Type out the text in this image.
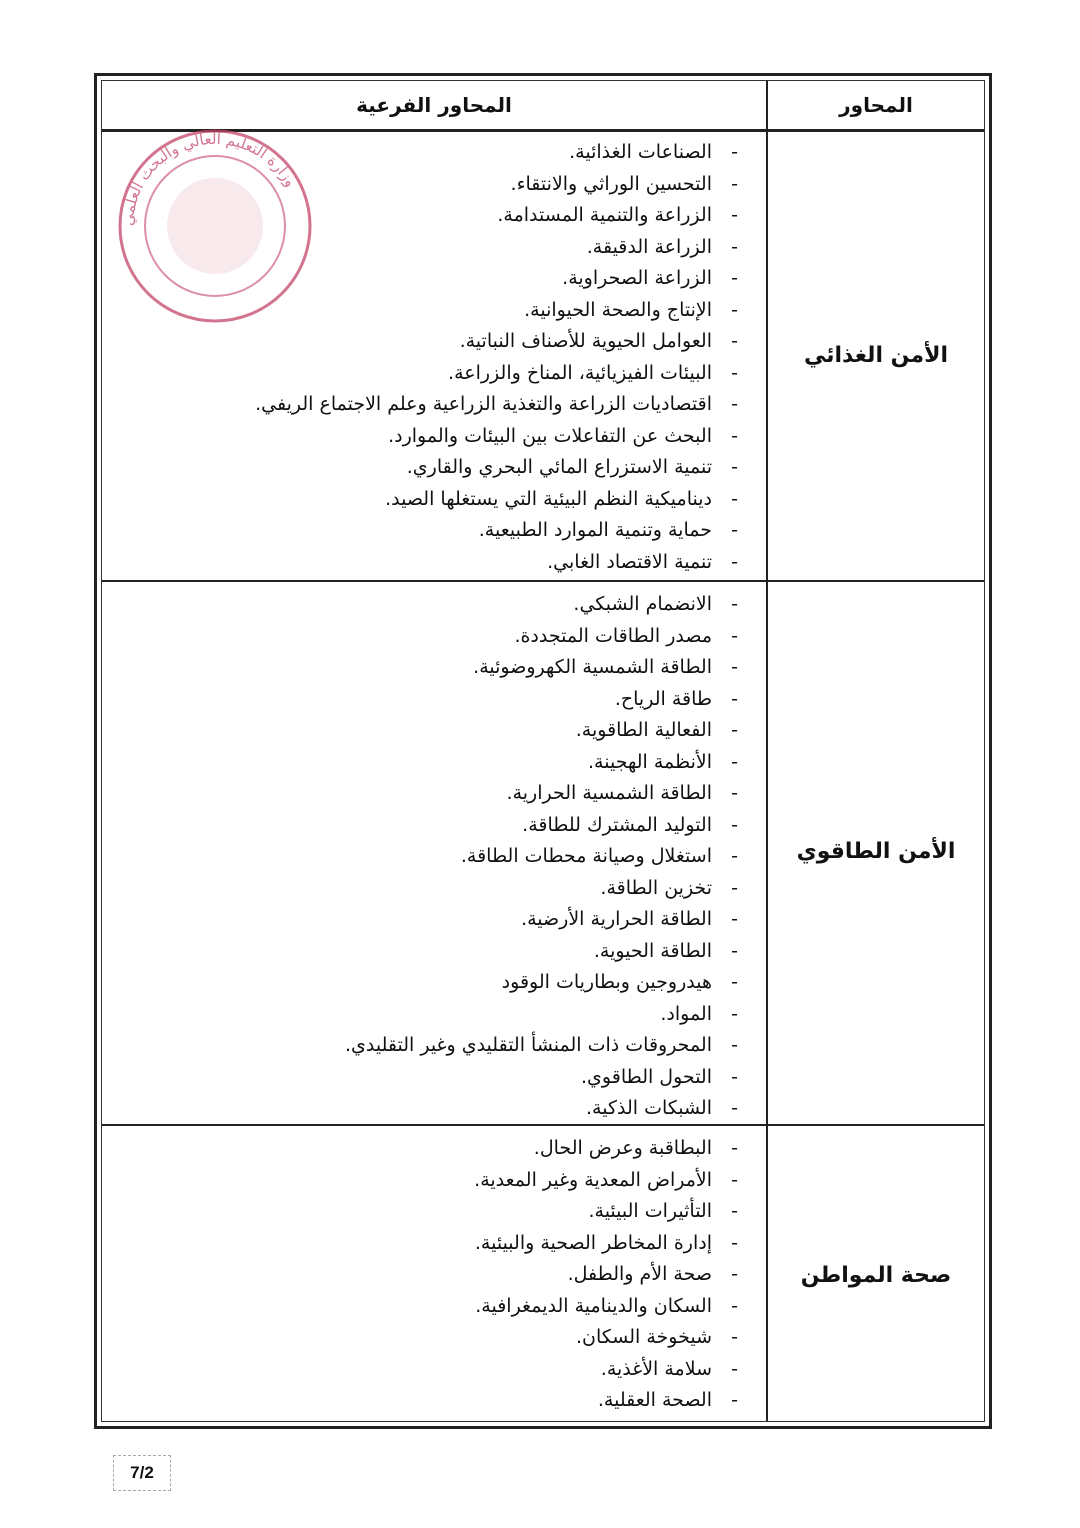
المحاور الفرعية	المحاور
الأمن الغذائي
الأمن الطاقوي
صحة المواطن
-
الصناعات الغذائية.
-
التحسين الوراثي والانتقاء.
-
الزراعة والتنمية المستدامة.
-
الزراعة الدقيقة.
-
الزراعة الصحراوية.
-
الإنتاج والصحة الحيوانية.
-
العوامل الحيوية للأصناف النباتية.
-
البيئات الفيزيائية، المناخ والزراعة.
-
اقتصاديات الزراعة والتغذية الزراعية وعلم الاجتماع الريفي.
-
البحث عن التفاعلات بين البيئات والموارد.
-
تنمية الاستزراع المائي البحري والقاري.
-
ديناميكية النظم البيئية التي يستغلها الصيد.
-
حماية وتنمية الموارد الطبيعية.
-
تنمية الاقتصاد الغابي.
-
الانضمام الشبكي.
-
مصدر الطاقات المتجددة.
-
الطاقة الشمسية الكهروضوئية.
-
طاقة الرياح.
-
الفعالية الطاقوية.
-
الأنظمة الهجينة.
-
الطاقة الشمسية الحرارية.
-
التوليد المشترك للطاقة.
-
استغلال وصيانة محطات الطاقة.
-
تخزين الطاقة.
-
الطاقة الحرارية الأرضية.
-
الطاقة الحيوية.
-
هيدروجين وبطاريات الوقود
-
المواد.
-
المحروقات ذات المنشأ التقليدي وغير التقليدي.
-
التحول الطاقوي.
-
الشبكات الذكية.
-
البطاقبة وعرض الحال.
-
الأمراض المعدية وغير المعدية.
-
التأثيرات البيئية.
-
إدارة المخاطر الصحية والبيئية.
-
صحة الأم والطفل.
-
السكان والدينامية الديمغرافية.
-
شيخوخة السكان.
-
سلامة الأغذية.
-
الصحة العقلية.
وزارة التعليم العالي والبحث العلمي
7/2
